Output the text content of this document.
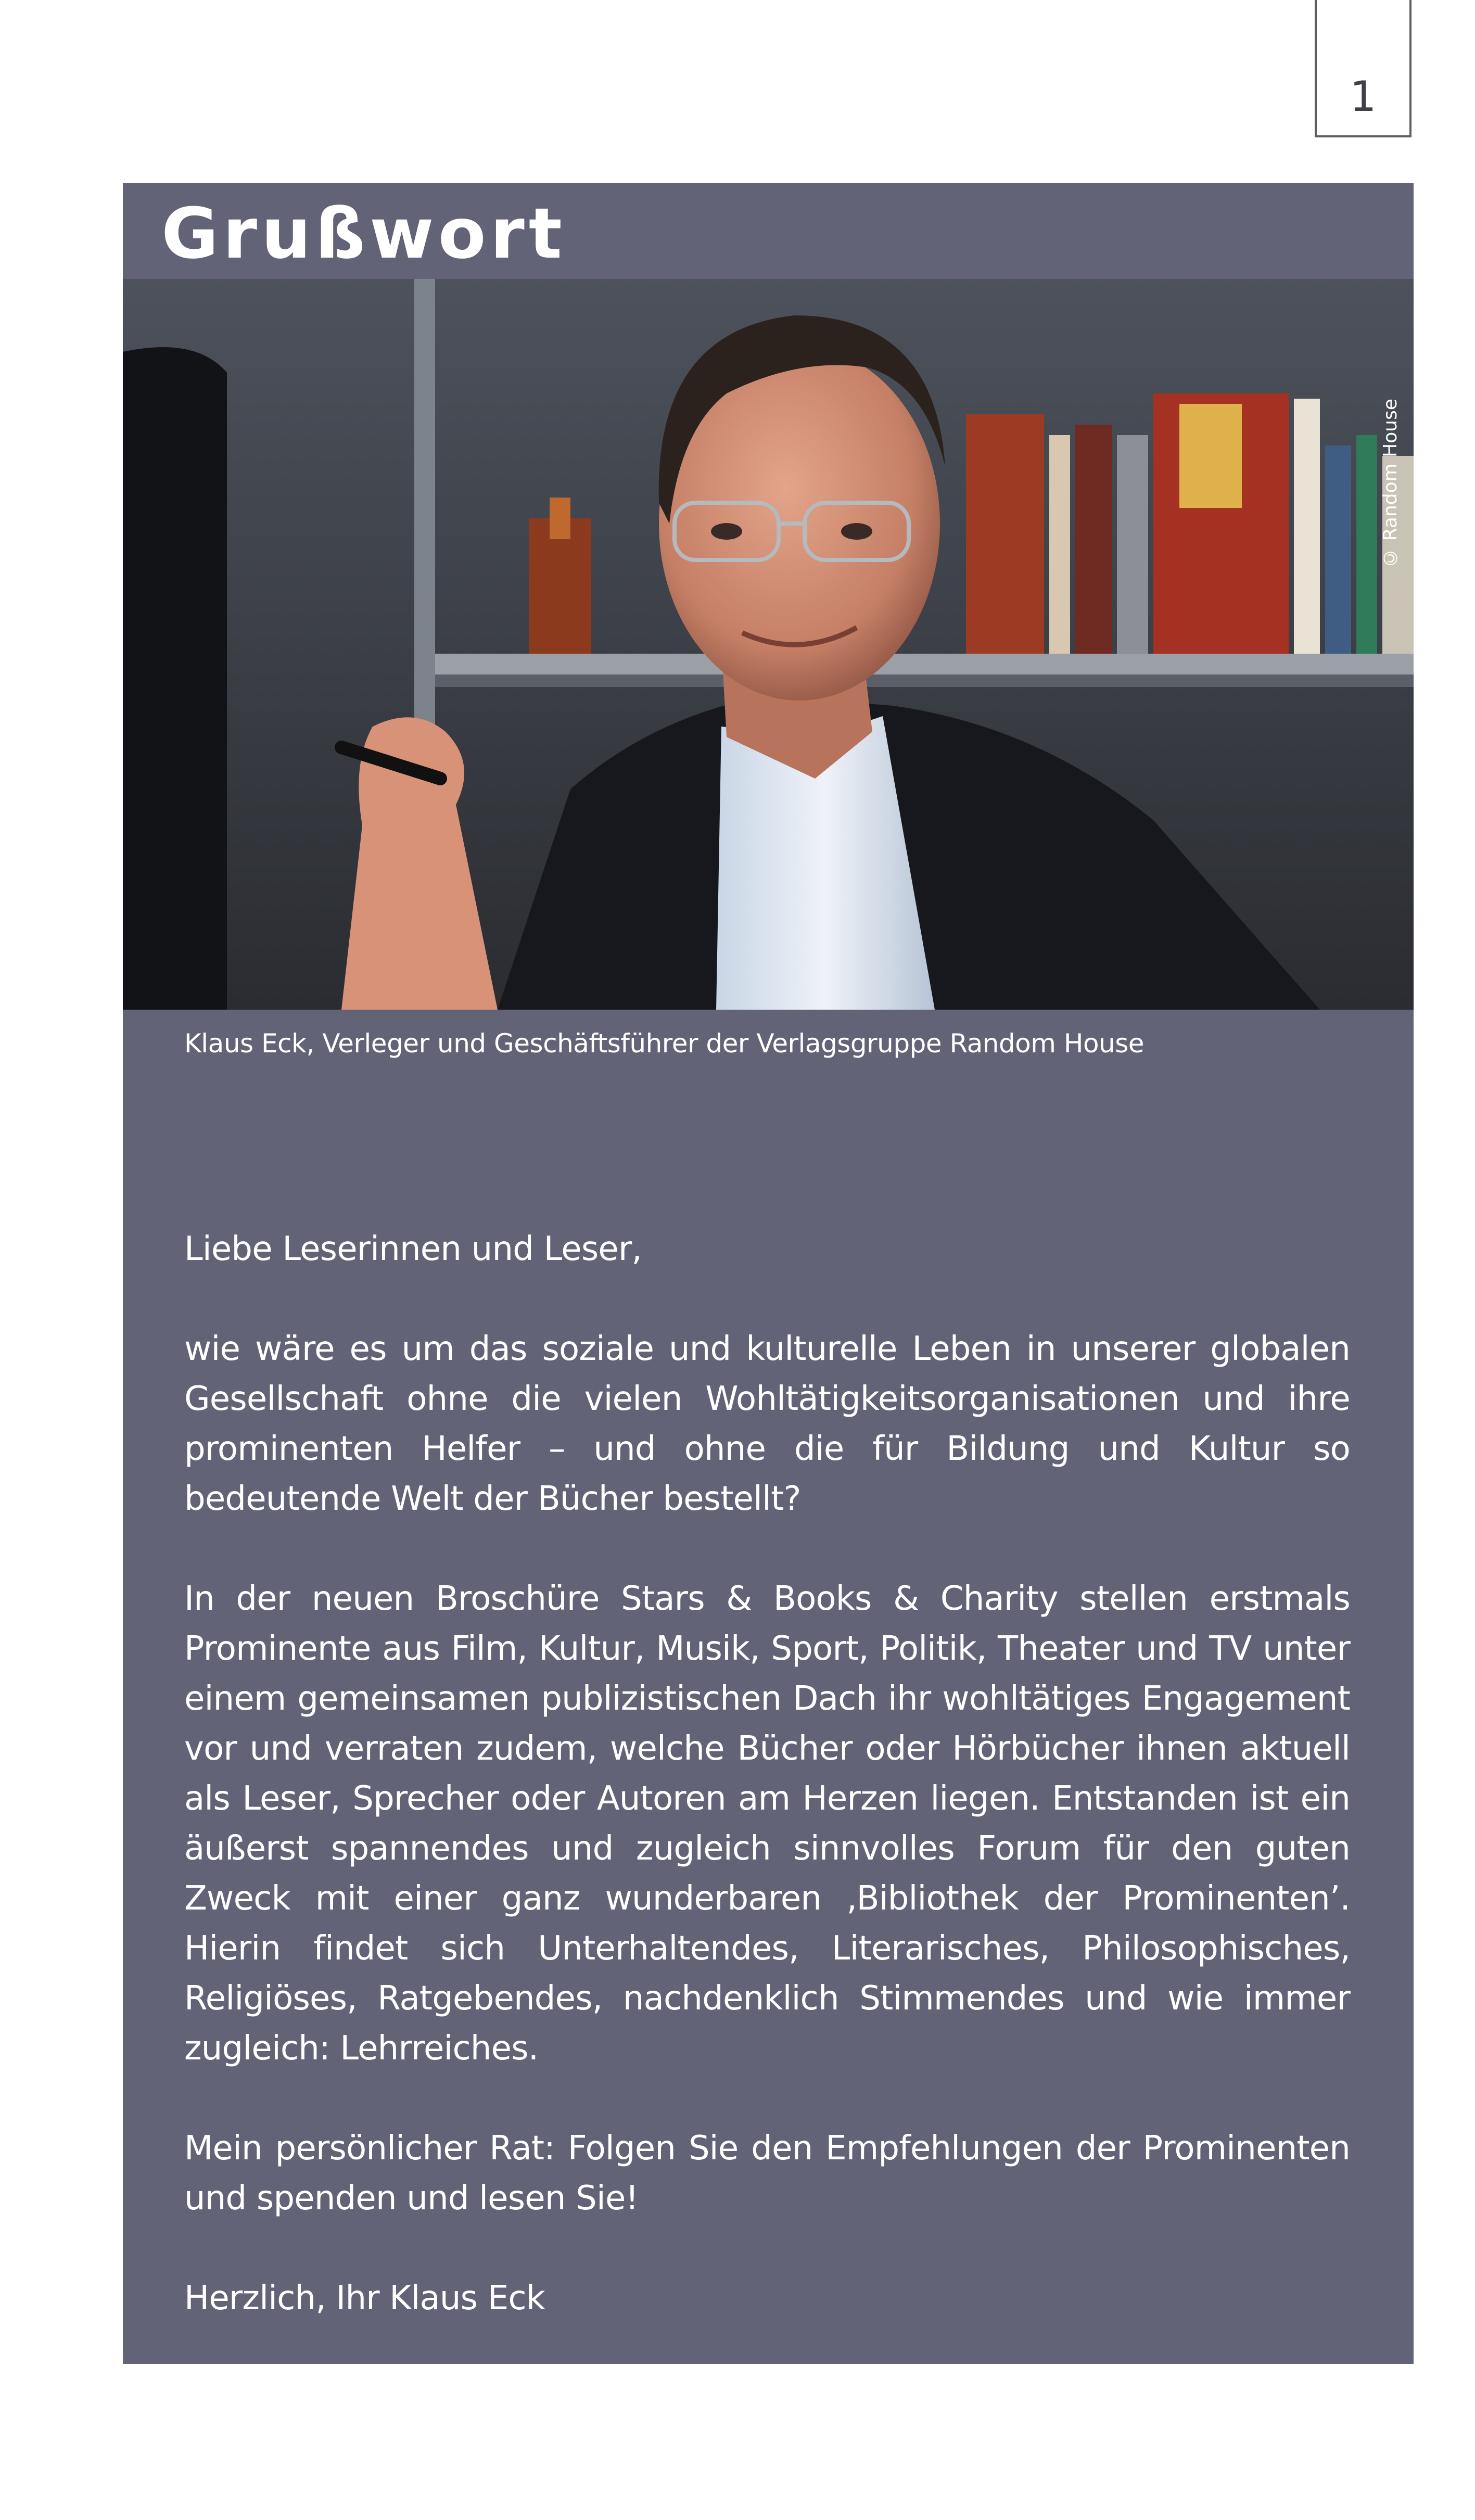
1
Grußwort
© Random House

Klaus Eck, Verleger und Geschäftsführer der Verlagsgruppe Random House

Liebe Leserinnen und Leser,

wie wäre es um das soziale und kulturelle Leben in unserer globalen Gesellschaft ohne die vielen Wohltätigkeitsorganisationen und ihre prominenten Helfer – und ohne die für Bildung und Kultur so bedeutende Welt der Bücher bestellt?

In der neuen Broschüre Stars & Books & Charity stellen erstmals Prominente aus Film, Kultur, Musik, Sport, Politik, Theater und TV unter einem gemeinsamen publizistischen Dach ihr wohltätiges Engagement vor und verraten zudem, welche Bücher oder Hörbücher ihnen aktuell als Leser, Sprecher oder Autoren am Herzen liegen. Entstanden ist ein äußerst spannendes und zugleich sinnvolles Forum für den guten Zweck mit einer ganz wunderbaren ‚Bibliothek der Prominenten’. Hierin findet sich Unterhaltendes, Literarisches, Philosophisches, Religiöses, Ratgebendes, nachdenklich Stimmendes und wie immer zugleich: Lehrreiches.

Mein persönlicher Rat: Folgen Sie den Empfehlungen der Prominenten und spenden und lesen Sie!

Herzlich, Ihr Klaus Eck
